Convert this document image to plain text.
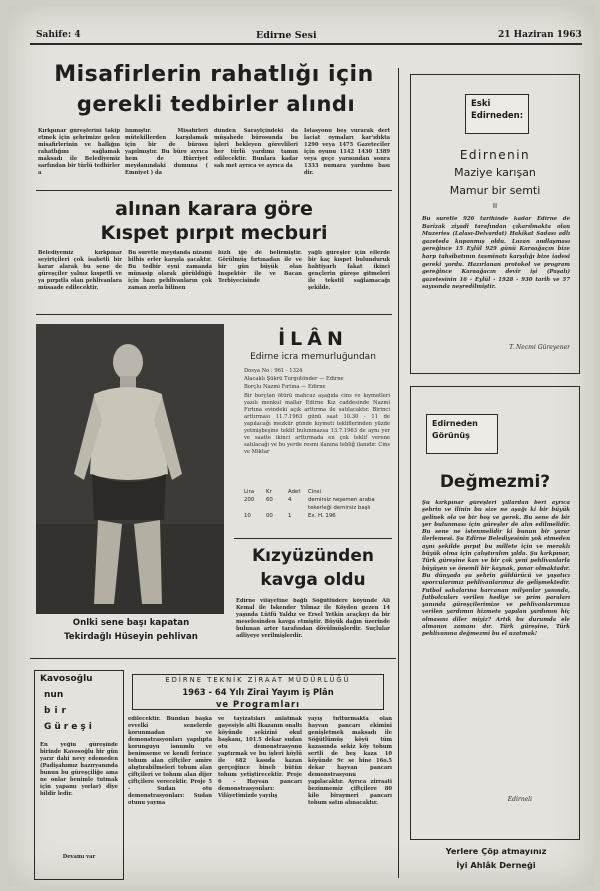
Sahife: 4	Edirne Sesi	21 Haziran 1963
Misafirlerin rahatlığı için
gerekli tedbirler alındı
Kırkpınar güreşlerini takip etmek için şehrimize gelen misafirlerinin ve halkğın rahatlığını sağlamak maksadı ile Belediyemiz sarfından bir türlü tedbirler a
lınmıştır. Misafirleri mütekillerden karşılamak için bir de bürosu yapılmıştır. Bu büro ayrıca hem de Hürriyet meydanındaki dumuna ( Emniyet ) da
dünden Saraylçindeki da müşahede bürosunda bu işleri bekleyen görevlileri her türlü yardımı tamın edilecektir. Bunlara kadar sah met ayrıca ve ayrıca da
İstasyonu beş vurarak dert laciat oymaları kar'ıdıkta 1290 veya 1475 Gazeteciler için oyunu 1142 1430 1389 veya geçe yarısından sonra 1333 numara yardımı bası dir.
alınan karara göre
Kıspet pırpıt mecburi
Belediyemiz kırkpınar seyirtçileri çok isabetli bir karar alarak bu sene de güreşçiler yalnız kıspetli ve ya pırpıtla olan pehlivanlara müsaade edilecektir.
Bu suretle meydanda nizami bilhis erler karşıla şacaktır. Bu tedbir eyni zamanda münasip olarak görüldüğü için bazı pehlivanların çok zaman zorla bilinen
hizlı iğe de belirmiştir. Görülmüş fırtınadan ile ve bir gün büyük olan İnspektör ile ve Bacan Terbiyecisinde
yağlı güreşler için ellerde bir kaç kıspet bulunduruk bahtiyarlı fakat ikinci gençlerin güreşe gitmeleri ile tekstil sağlamacağı şekilde.
Onlki sene başı kapatan
Tekirdağlı Hüseyin pehlivan
İLÂN
Edirne icra memurluğundan
Dosya No : 961 - 1324
Alacaklı Şükrü Turgutönder — Edirne
Borçlu Nazmi Fırtına — Edirne
Bir borçtan ötürü mahcuz aşağıda cins ve kıymetleri yazılı menkul mallar Edirne Kız caddesinde Nazmi Fırtına evindeki açık arttırma ile satılacaktır. Birinci arttırması 11.7.1963 günü saat 10.30 - 11 de yapılacağı mezkür günde kıymeti tekliflerinden yüzde yetmişbeşine teklif bulunmazsa 13.7.1963 de aynı yer ve saatte ikinci arttırmada en çok teklif verene satılacağı ve bu yerde resmi ilanına tebliğ ilanıdır. Cins ve Miktar
Lira	Kr	Adet	Cinsi
200	60	4	demirsiz neşemen araba tekerleği demirsiz başlı
10	00	1	Ex. H. 196
Kızyüzünden
kavga oldu
Edirne vilâyetine bağlı Söğütlüdere köyünde Ali Kemal ile İskender Yılmaz ile Köyden gezen 14 yaşında Lütfü Yaldız ve Ersel Yetkin araçkıyı da bir meselesinden kavga etmiştir. Büyük dağın üzerinde bulunan arter tarafından dövülmüşlerdir. Suçlular adliyeye verilmişlerdir.
Eski Edirneden:
Edirnenin
Maziye karışan
Mamur bir semti
II
Bu suretle 926 tarihinde kadar Edirne de Barizak ziyadi tarafından çıkarılmakta olan Muzeries (Lalası-Delvardat) Hakikat Sadası adlı gazeteda kupanmış oldu. Lozan andlaşması gereğince 15 Eylül 929 günü Karaağaçın bize harp tahsibatının tasminatı karşılığı bize iadesi gereki yordu. Hazırlanan protokol ve program gereğince Karaağacın devir işi (Paşalı) gazetesinin 16 - Eylül - 1928 - 930 tarih ve 57 sayısında neşredilmiştir.
T. Necmi Güreyener
Edirneden Görünüş
Değmezmi?
Şu kırkpınar güreşleri yıllardan beri ayrıca şehrin ve ilinin bu size ne aşağı ki bir büyük gelinek ola ve bir hoş ve gerek. Bu sene de bir yer bulunması için güreşler de alın edilmelidir. Bu sene ne istenmelidir ki bunun bir yarar ilerlemesi. Şu Edirne Belediyesinin yok etmeden aynı şekilde pırpıt bu millete için ve meraklı büyük olma için çalıştıralım yılda. Şu kırkpınar, Türk güreşine kan ve bir çok yeni pehlivanlarla büyüyen ve önemli bir kaynak, pınar olmaktadır. Bu dünyada şu şehrin güldürücü ve yaşatıcı sporcularımız pehlivanlarımız de gelişmektedir. Futbol sahalarına harcanan milyonlar yanında, futbolcuları verilen hediye ve prim paraları yanında güreşçilerimize ve pehlivanlarımıza verilen yardımın hizmete yapılan yardımın hiç olmasını diler miyiz? Artık bu durumda ele almanın zamanı dır. Türk güreşine, Türk pehlivanına değmezmi bu el uzatmak!
Edirneli
Yerlere Çöp atmayınız
İyi Ahlâk Derneği
Kavosoğlu
nun
bir
Güreşi
En yeğin güreşinde birinde Kavosoğlu bir gün yarır dahi nevy edemeden (Padişahımız hazıryanında bunun bu güreşçiliğe ama ne onlar benimle tutmak için yapamı yorlar) diye bildir ledir.
Devamı var
EDİRNE TEKNİK ZİRAAT MÜDÜRLÜĞÜ
1963 - 64 Yılı Zirai Yayım iş Plân
ve Programları
edilecektir. Bundan başka evvelki senelerde korunmadan ve demonstrasyonları yapılıpta korunguyu isnumlu ve benimseme ve kendi ferince tohum alan çiftçiler amire alıştırabilmeleri tohum alan çiftçileri ve tohum alan dijer çiftçilere verecektir. Proje 5 - Sudan otu demonstrasyonları: Sudan otunu yayma
ve tayizatıları anlatmak gayesiyle alti İkazanın onaltı köyünde sekizini okul başkanı, 101.5 dekar sudan otu demonstrasyonu yaptırmak ve bu işleri köylü ile 682 kasıda kazan gerçeğince bineb bütün tohum yetiştirecektir. Proje 6 - Hayvan pancarı demonstrasyonları: Vilâyetimizde yayılış
yayış tutturmakta olan hayvan pancarı ekimini genişletmek maksadı ile Söğütlümüş köyü tüm kazasında sekiz köy tohum sertli de beş kaza 10 köyünde 9c se bine 16o.5 dekar hayvan pancarı demonstrasyonu yapılacaktır. Ayrıca zirraati bezinmemiz çiftçilere 80 kilo biraymeri pancarı tohum satın alınacaktır.
